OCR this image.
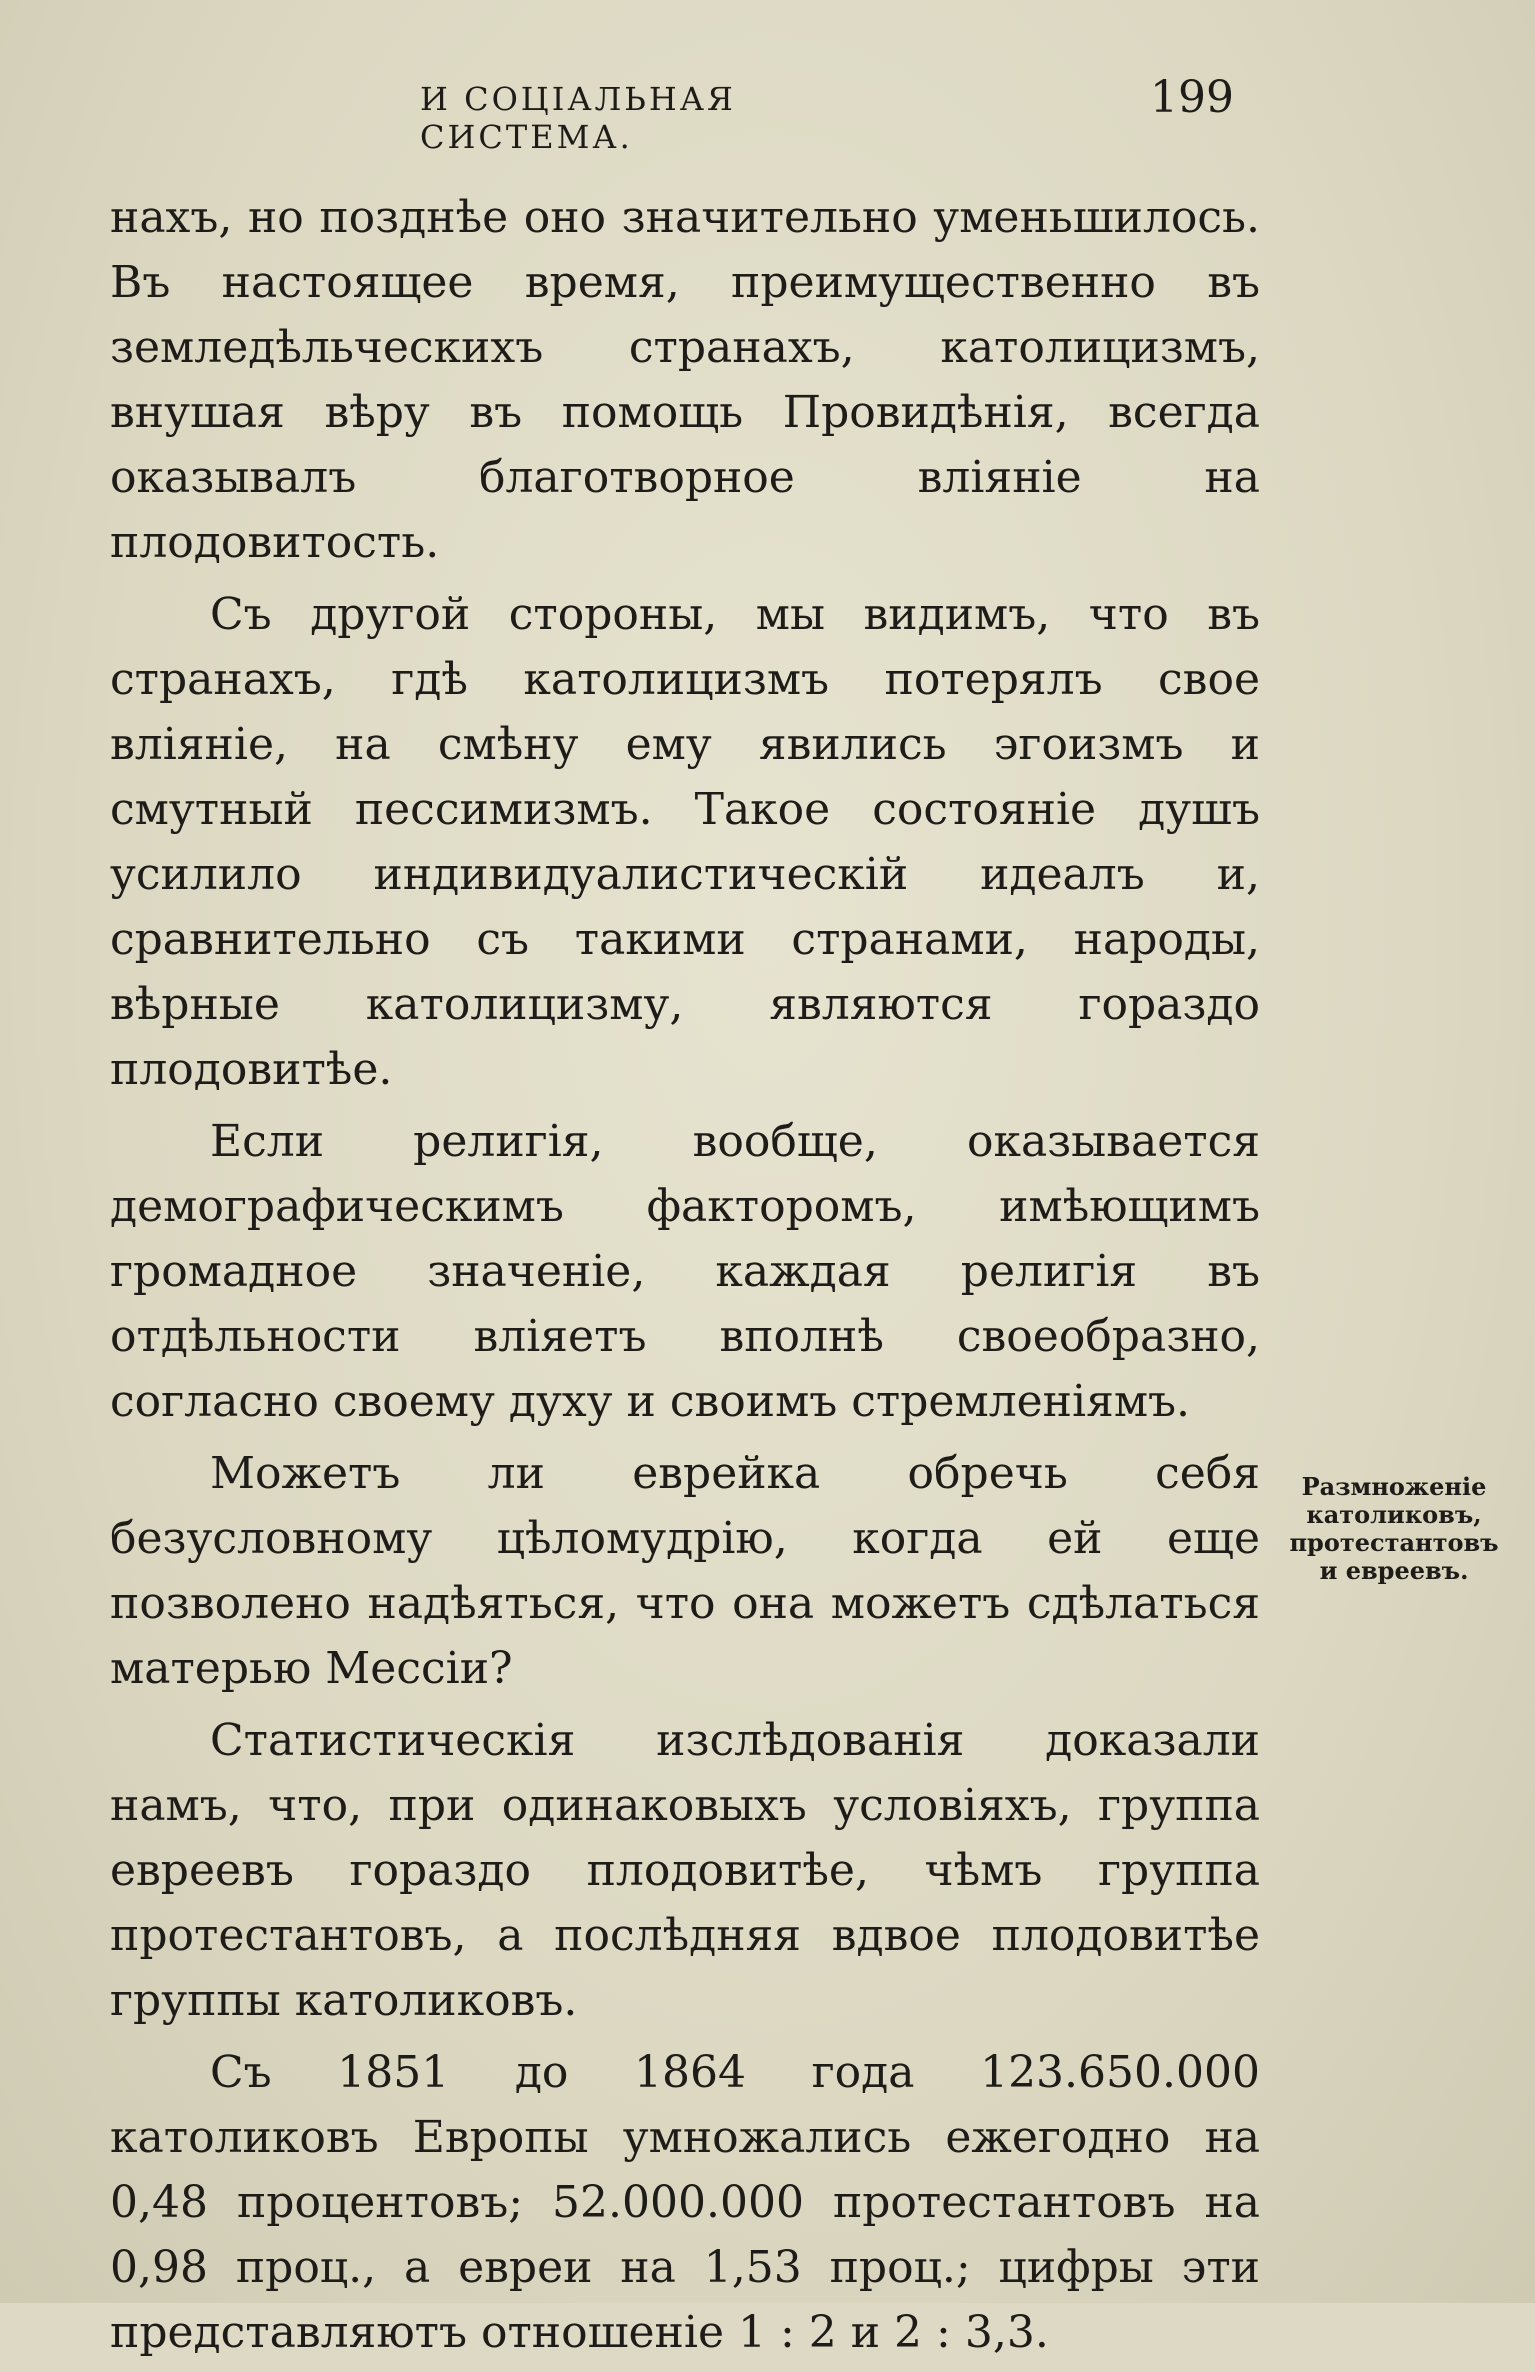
И СОЦІАЛЬНАЯ СИСТЕМА.
199

нахъ, но позднѣе оно значительно уменьшилось. Въ настоящее время, преимущественно въ земледѣльческихъ странахъ, католицизмъ, внушая вѣру въ помощь Провидѣнія, всегда оказывалъ благотворное вліяніе на плодовитость.

Съ другой стороны, мы видимъ, что въ странахъ, гдѣ католицизмъ потерялъ свое вліяніе, на смѣну ему явились эгоизмъ и смутный пессимизмъ. Такое состояніе душъ усилило индивидуалистическій идеалъ и, сравнительно съ такими странами, народы, вѣрные католицизму, являются гораздо плодовитѣе.

Если религія, вообще, оказывается демографическимъ факторомъ, имѣющимъ громадное значеніе, каждая религія въ отдѣльности вліяетъ вполнѣ своеобразно, согласно своему духу и своимъ стремленіямъ.

Можетъ ли еврейка обречь себя безусловному цѣломудрію, когда ей еще позволено надѣяться, что она можетъ сдѣлаться матерью Мессіи?

Статистическія изслѣдованія доказали намъ, что, при одинаковыхъ условіяхъ, группа евреевъ гораздо плодовитѣе, чѣмъ группа протестантовъ, а послѣдняя вдвое плодовитѣе группы католиковъ.

Съ 1851 до 1864 года 123.650.000 католиковъ Европы умножались ежегодно на 0,48 процентовъ; 52.000.000 протестантовъ на 0,98 проц., а евреи на 1,53 проц.; цифры эти представляютъ отношеніе 1 : 2 и 2 : 3,3.

Размноженіе католиковъ, протестантовъ и евреевъ.
